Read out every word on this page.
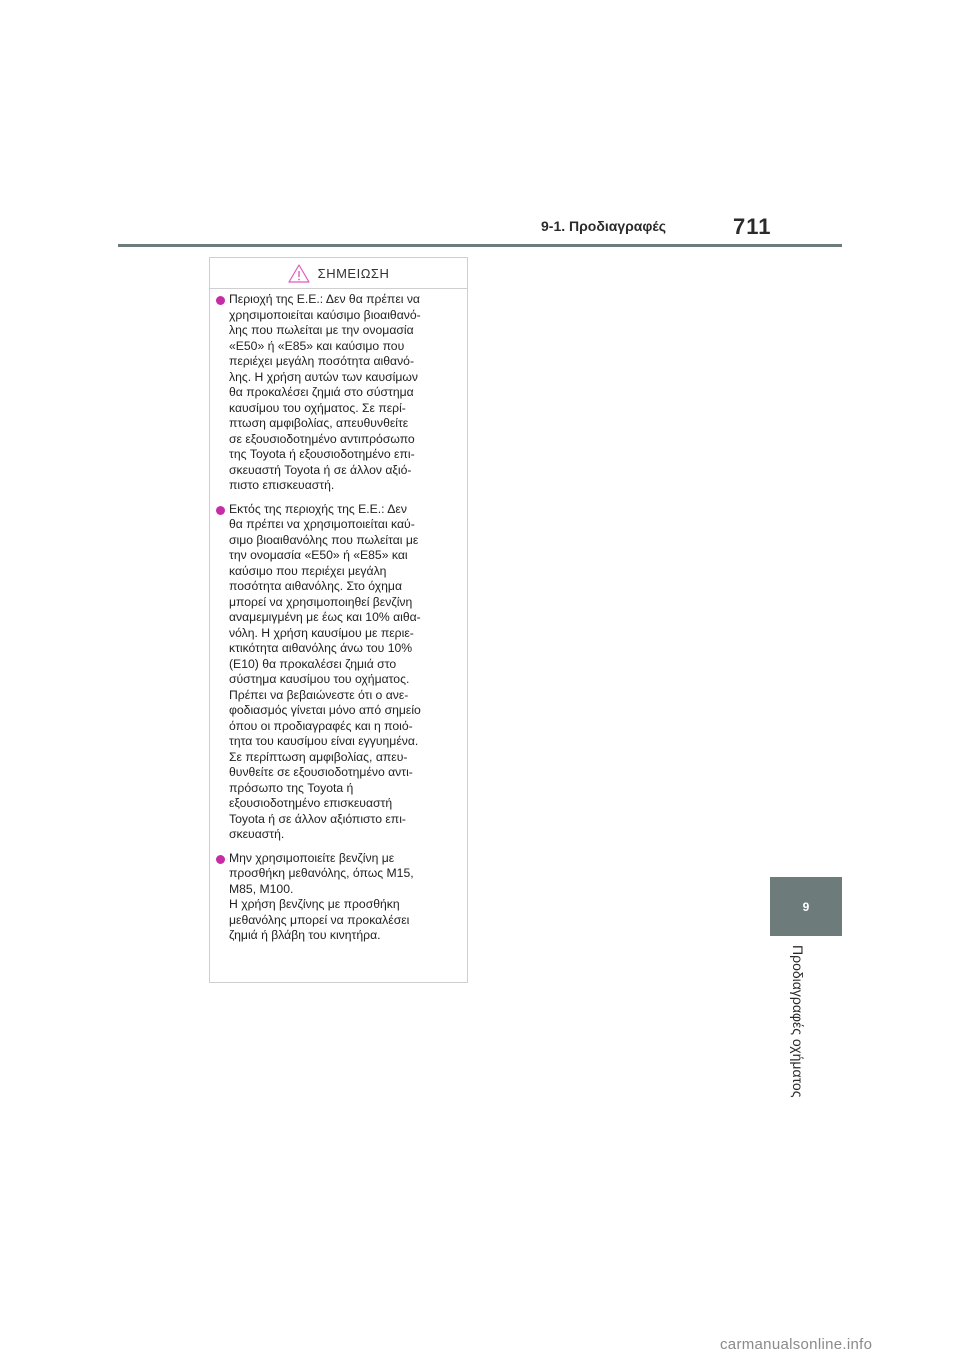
9-1. Προδιαγραφές	711
ΣΗΜΕΙΩΣΗ
Περιοχή της Ε.Ε.: Δεν θα πρέπει να
χρησιμοποιείται καύσιμο βιοαιθανό-
λης που πωλείται με την ονομασία
«E50» ή «E85» και καύσιμο που
περιέχει μεγάλη ποσότητα αιθανό-
λης. Η χρήση αυτών των καυσίμων
θα προκαλέσει ζημιά στο σύστημα
καυσίμου του οχήματος. Σε περί-
πτωση αμφιβολίας, απευθυνθείτε
σε εξουσιοδοτημένο αντιπρόσωπο
της Toyota ή εξουσιοδοτημένο επι-
σκευαστή Toyota ή σε άλλον αξιό-
πιστο επισκευαστή.
Εκτός της περιοχής της Ε.Ε.: Δεν
θα πρέπει να χρησιμοποιείται καύ-
σιμο βιοαιθανόλης που πωλείται με
την ονομασία «E50» ή «E85» και
καύσιμο που περιέχει μεγάλη
ποσότητα αιθανόλης. Στο όχημα
μπορεί να χρησιμοποιηθεί βενζίνη
αναμεμιγμένη με έως και 10% αιθα-
νόλη. Η χρήση καυσίμου με περιε-
κτικότητα αιθανόλης άνω του 10%
(E10) θα προκαλέσει ζημιά στο
σύστημα καυσίμου του οχήματος.
Πρέπει να βεβαιώνεστε ότι ο ανε-
φοδιασμός γίνεται μόνο από σημείο
όπου οι προδιαγραφές και η ποιό-
τητα του καυσίμου είναι εγγυημένα.
Σε περίπτωση αμφιβολίας, απευ-
θυνθείτε σε εξουσιοδοτημένο αντι-
πρόσωπο της Toyota ή
εξουσιοδοτημένο επισκευαστή
Toyota ή σε άλλον αξιόπιστο επι-
σκευαστή.
Μην χρησιμοποιείτε βενζίνη με
προσθήκη μεθανόλης, όπως M15,
M85, M100.
Η χρήση βενζίνης με προσθήκη
μεθανόλης μπορεί να προκαλέσει
ζημιά ή βλάβη του κινητήρα.
9
Προδιαγραφές οχήματος
carmanualsonline.info
